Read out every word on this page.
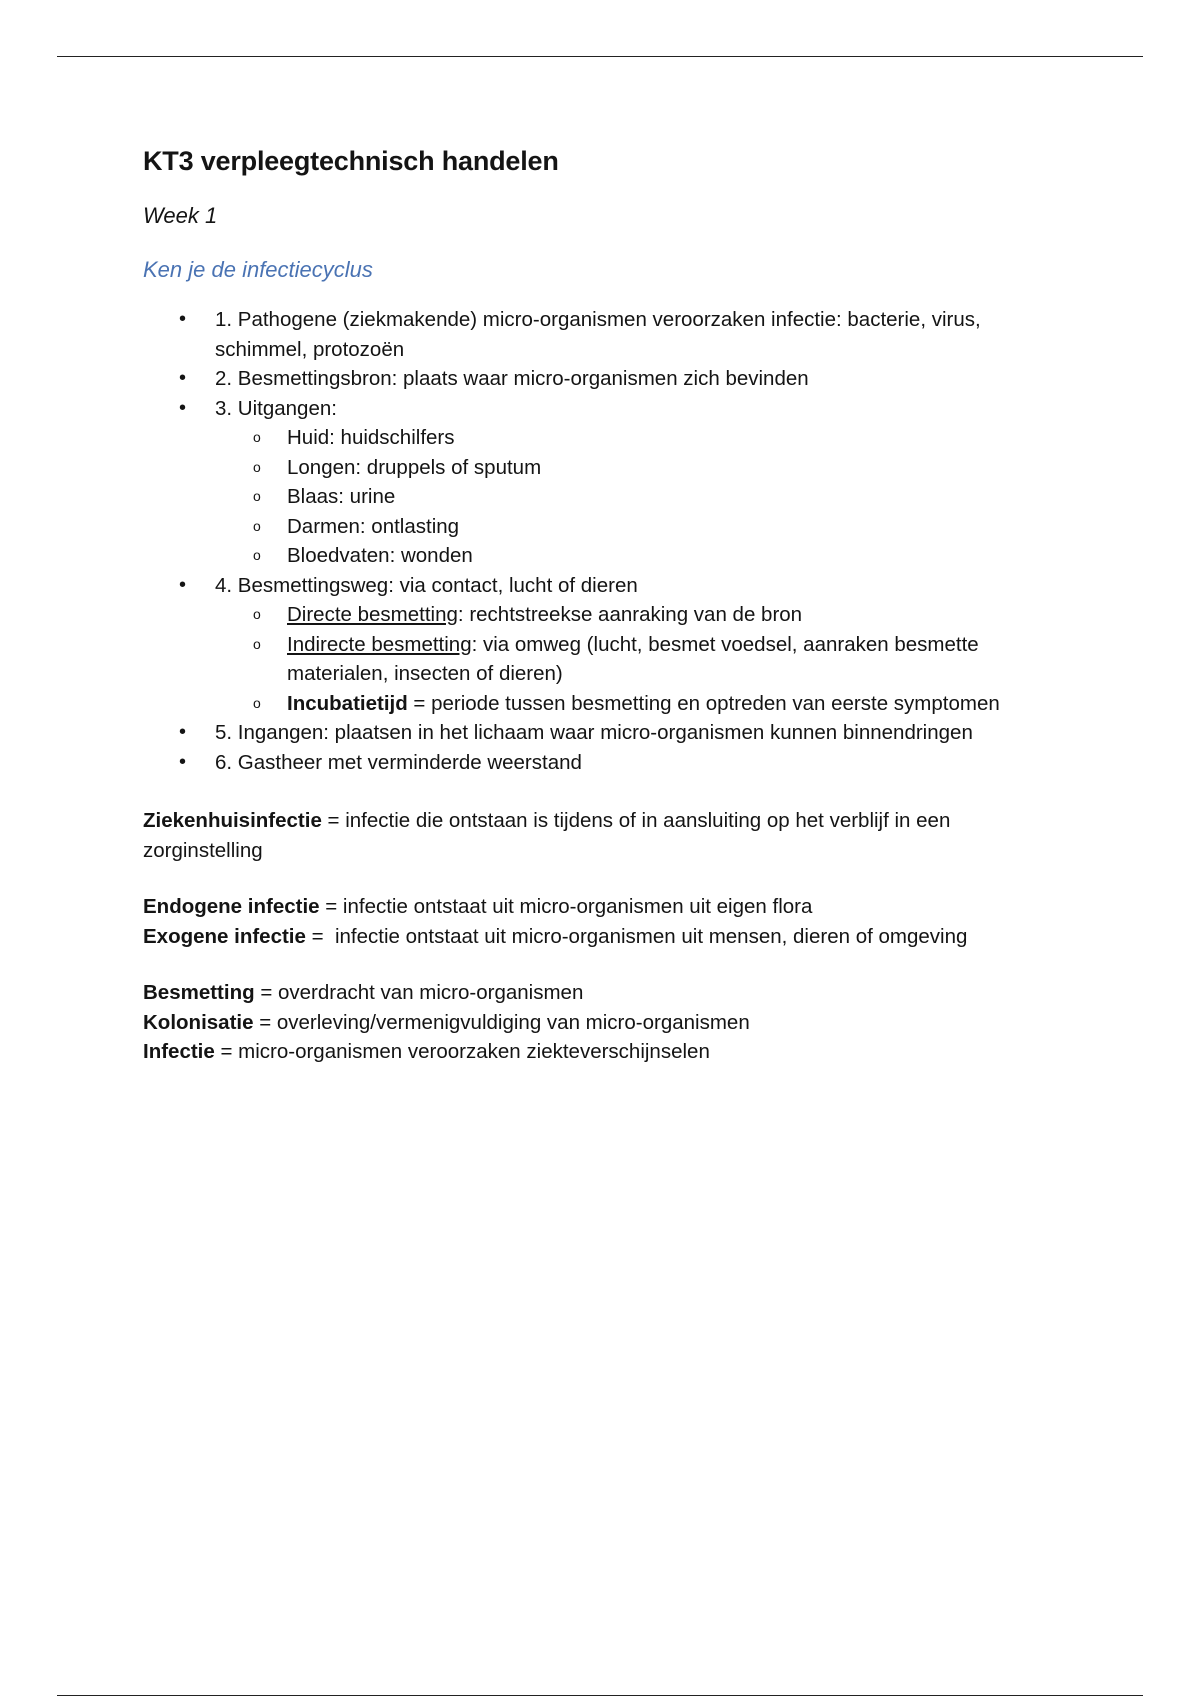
KT3 verpleegtechnisch handelen
Week 1
Ken je de infectiecyclus
• 1. Pathogene (ziekmakende) micro-organismen veroorzaken infectie: bacterie, virus, schimmel, protozoën
• 2. Besmettingsbron: plaats waar micro-organismen zich bevinden
• 3. Uitgangen:
o Huid: huidschilfers
o Longen: druppels of sputum
o Blaas: urine
o Darmen: ontlasting
o Bloedvaten: wonden
• 4. Besmettingsweg: via contact, lucht of dieren
o Directe besmetting: rechtstreekse aanraking van de bron
o Indirecte besmetting: via omweg (lucht, besmet voedsel, aanraken besmette materialen, insecten of dieren)
o Incubatietijd = periode tussen besmetting en optreden van eerste symptomen
• 5. Ingangen: plaatsen in het lichaam waar micro-organismen kunnen binnendringen
• 6. Gastheer met verminderde weerstand

Ziekenhuisinfectie = infectie die ontstaan is tijdens of in aansluiting op het verblijf in een zorginstelling

Endogene infectie = infectie ontstaat uit micro-organismen uit eigen flora

Exogene infectie =  infectie ontstaat uit micro-organismen uit mensen, dieren of omgeving

Besmetting = overdracht van micro-organismen

Kolonisatie = overleving/vermenigvuldiging van micro-organismen

Infectie = micro-organismen veroorzaken ziekteverschijnselen
